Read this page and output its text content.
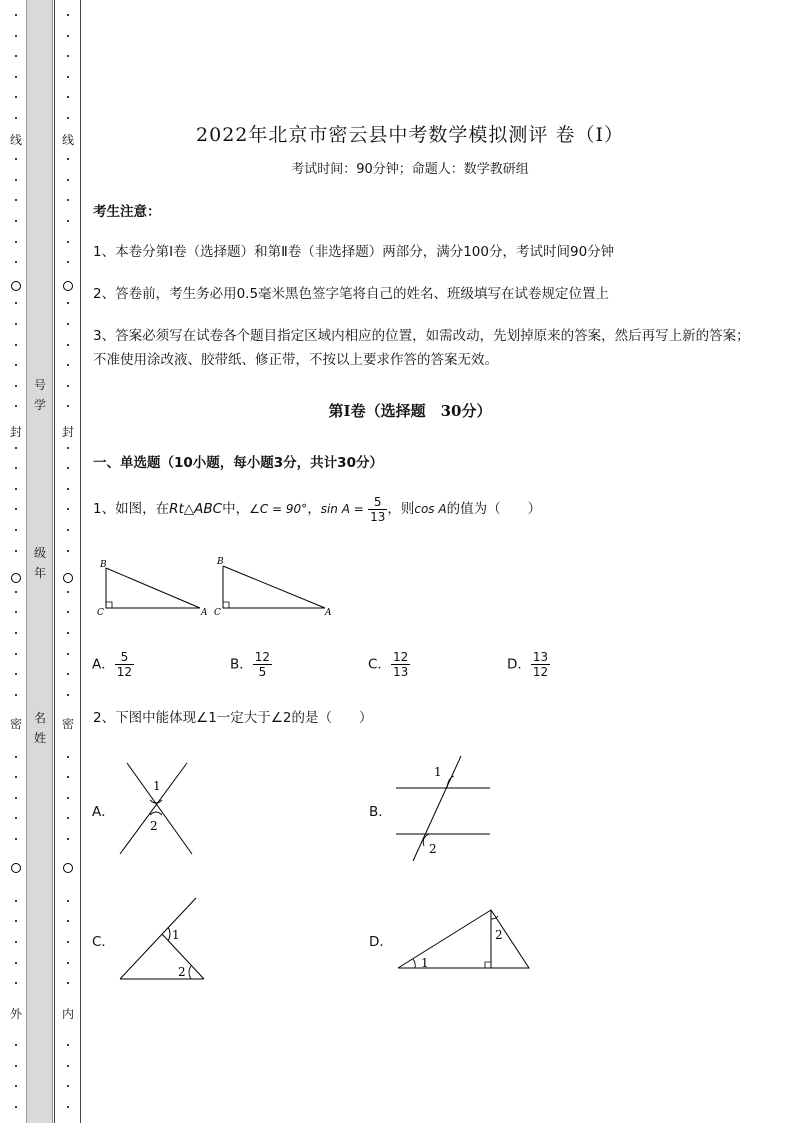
线
封
密
外
线
封
密
内
号学
级年
名姓
2022年北京市密云县中考数学模拟测评 卷（Ⅰ）
考试时间：90分钟；命题人：数学教研组
考生注意：
1、本卷分第Ⅰ卷（选择题）和第Ⅱ卷（非选择题）两部分，满分100分，考试时间90分钟
2、答卷前，考生务必用0.5毫米黑色签字笔将自己的姓名、班级填写在试卷规定位置上
3、答案必须写在试卷各个题目指定区域内相应的位置，如需改动，先划掉原来的答案，然后再写上新的答案；不准使用涂改液、胶带纸、修正带，不按以上要求作答的答案无效。
第Ⅰ卷（选择题　30分）
一、单选题（10小题，每小题3分，共计30分）
1、如图，在Rt△ABC中，∠C = 90°，$\sin A = \frac{5}{13}$ ，则cos A的值为（　　）
B
C	A
B
C	A
A． $\frac{5}{12}$	B． $\frac{12}{5}$	C． $\frac{12}{13}$	D． $\frac{13}{12}$
2、下图中能体现∠1一定大于∠2的是（　　）
A．
1
2
B．
1
2
C．	1
2
D．
1
2
